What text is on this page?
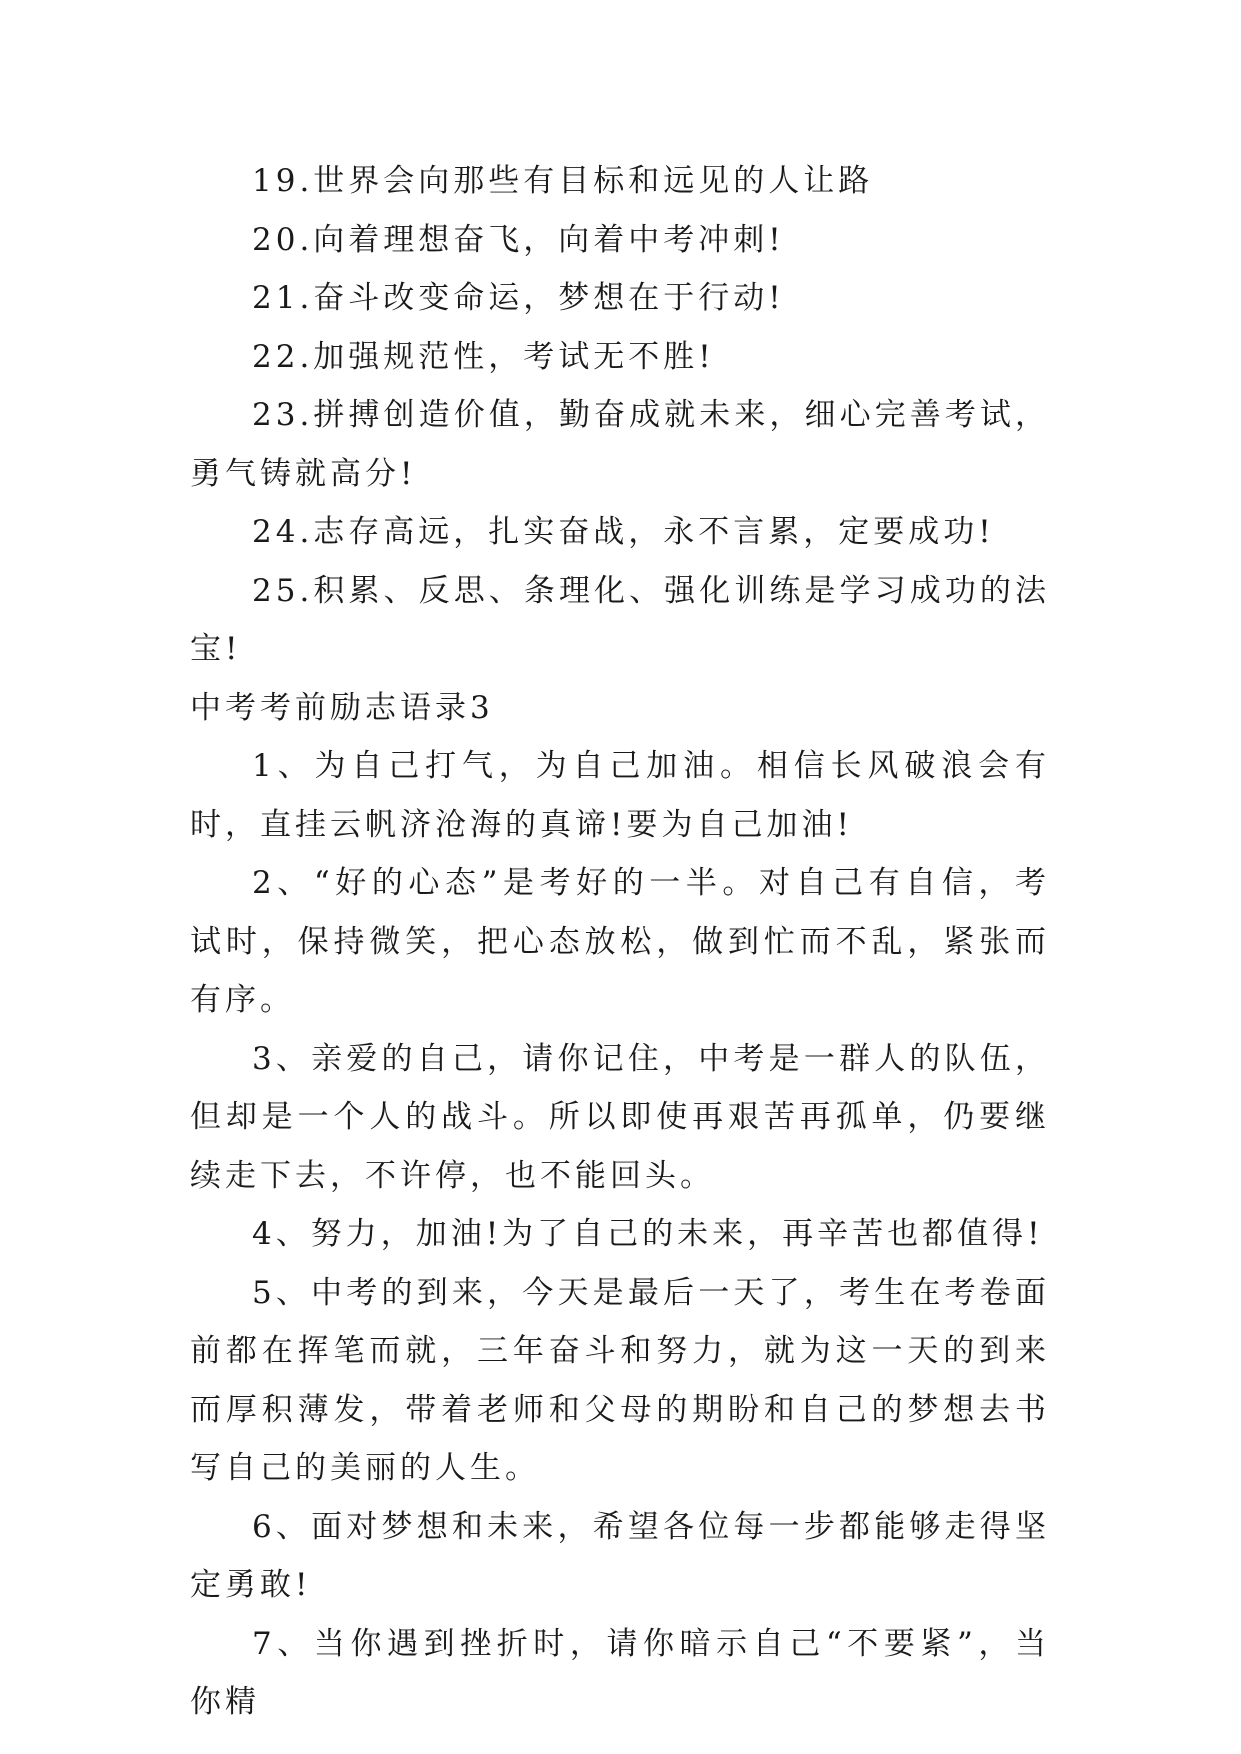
19.世界会向那些有目标和远见的人让路

20.向着理想奋飞，向着中考冲刺!

21.奋斗改变命运，梦想在于行动!

22.加强规范性，考试无不胜!

23.拼搏创造价值，勤奋成就未来，细心完善考试，勇气铸就高分!

24.志存高远，扎实奋战，永不言累，定要成功!

25.积累、反思、条理化、强化训练是学习成功的法宝!

中考考前励志语录3

1、为自己打气，为自己加油。相信长风破浪会有时，直挂云帆济沧海的真谛!要为自己加油!

2、“好的心态”是考好的一半。对自己有自信，考试时，保持微笑，把心态放松，做到忙而不乱，紧张而有序。

3、亲爱的自己，请你记住，中考是一群人的队伍，但却是一个人的战斗。所以即使再艰苦再孤单，仍要继续走下去，不许停，也不能回头。

4、努力，加油!为了自己的未来，再辛苦也都值得!

5、中考的到来，今天是最后一天了，考生在考卷面前都在挥笔而就，三年奋斗和努力，就为这一天的到来而厚积薄发，带着老师和父母的期盼和自己的梦想去书写自己的美丽的人生。

6、面对梦想和未来，希望各位每一步都能够走得坚定勇敢!

7、当你遇到挫折时，请你暗示自己“不要紧”，当你精
